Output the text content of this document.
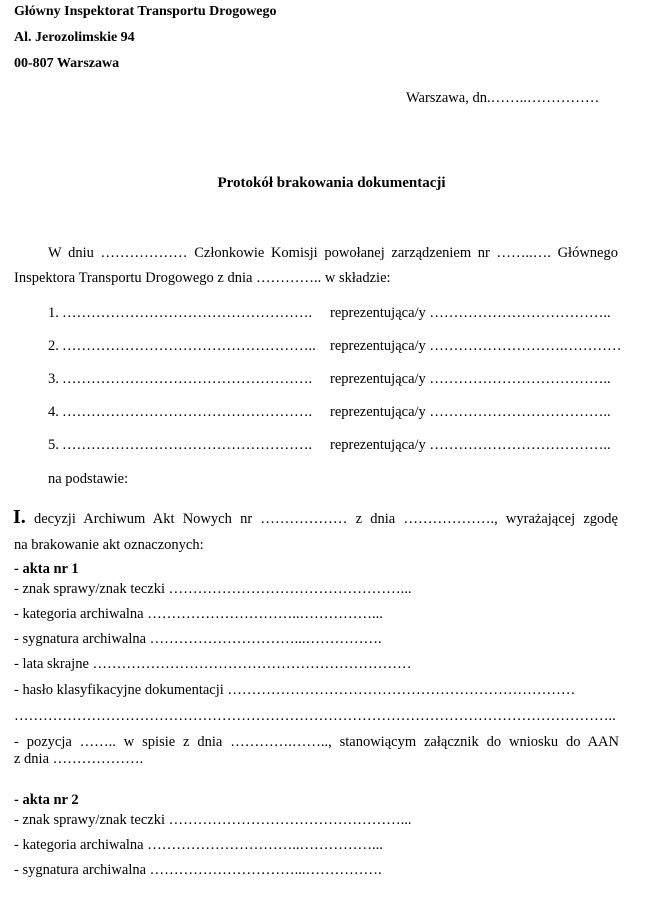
Główny Inspektorat Transportu Drogowego
Al. Jerozolimskie 94
00-807 Warszawa
Warszawa, dn.……..……………
Protokół brakowania dokumentacji
W dniu ……………… Członkowie Komisji powołanej zarządzeniem nr ……..…. Głównego
Inspektora Transportu Drogowego z dnia ………….. w składzie:
1. ……………………………………………. reprezentująca/y ………………………………..
2. …………………………………………….. reprezentująca/y ……………………….…………
3. ……………………………………………. reprezentująca/y ………………………………..
4. ……………………………………………. reprezentująca/y ………………………………..
5. ……………………………………………. reprezentująca/y ………………………………..
na podstawie:
I. decyzji Archiwum Akt Nowych nr ……………… z dnia ………………., wyrażającej zgodę
na brakowanie akt oznaczonych:
- akta nr 1
- znak sprawy/znak teczki …………………………………………...
- kategoria archiwalna …………………………..……………...
- sygnatura archiwalna …………………………...…………….
- lata skrajne …………………………………………………………
- hasło klasyfikacyjne dokumentacji ………………………………………………………………
……………………………………………………………………………………………………………..
- pozycja …….. w spisie z dnia ………….…….., stanowiącym załącznik do wniosku do AAN
z dnia ……………….
- akta nr 2
- znak sprawy/znak teczki …………………………………………...
- kategoria archiwalna …………………………..……………...
- sygnatura archiwalna …………………………...…………….
